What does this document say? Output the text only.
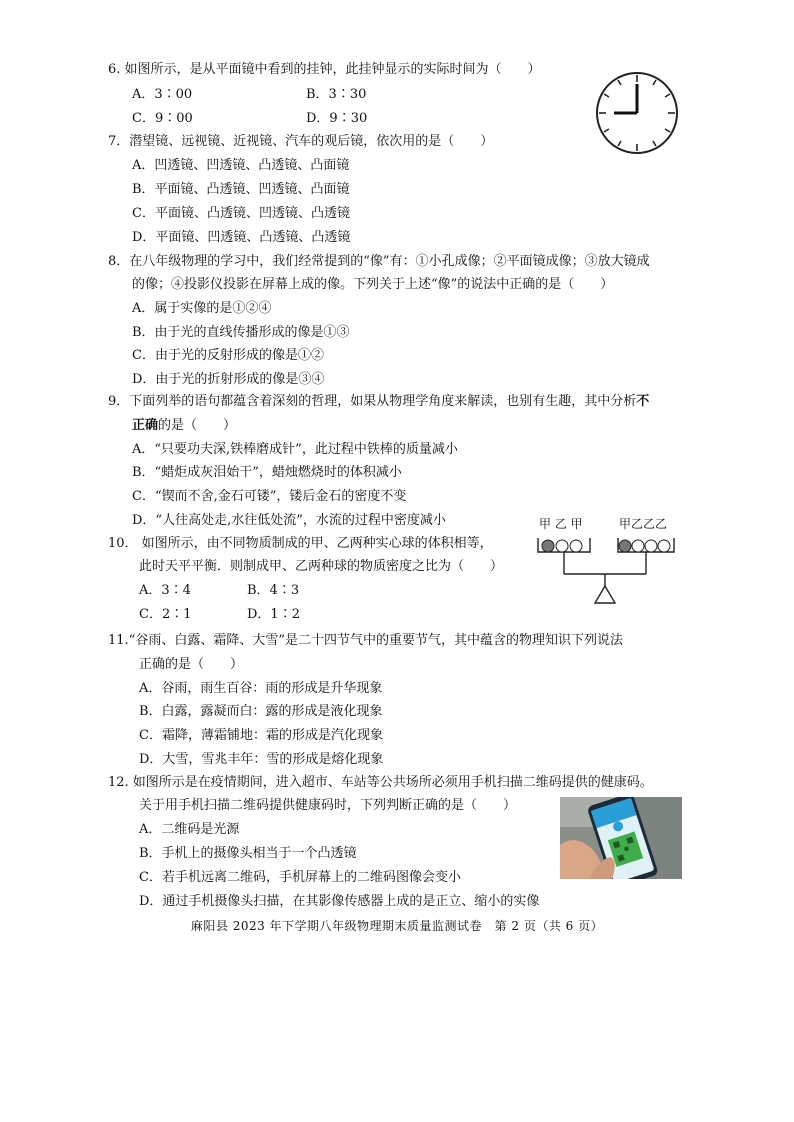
6. 如图所示，是从平面镜中看到的挂钟，此挂钟显示的实际时间为（　　）
A．3∶00	B．3∶30
C．9∶00	D．9∶30
7．潜望镜、远视镜、近视镜、汽车的观后镜，依次用的是（　　）
A．凹透镜、凹透镜、凸透镜、凸面镜
B．平面镜、凸透镜、凹透镜、凸面镜
C．平面镜、凸透镜、凹透镜、凸透镜
D．平面镜、凹透镜、凸透镜、凸透镜
8．在八年级物理的学习中，我们经常提到的“像”有：①小孔成像；②平面镜成像；③放大镜成
的像；④投影仪投影在屏幕上成的像。下列关于上述“像”的说法中正确的是（　　）
A．属于实像的是①②④
B．由于光的直线传播形成的像是①③
C．由于光的反射形成的像是①②
D．由于光的折射形成的像是③④
9．下面列举的语句都蕴含着深刻的哲理，如果从物理学角度来解读，也别有生趣，其中分析不
正确的是（　　）
A．“只要功夫深,铁棒磨成针”，此过程中铁棒的质量减小
B．“蜡炬成灰泪始干”，蜡烛燃烧时的体积减小
C．“锲而不舍,金石可镂”，镂后金石的密度不变
D．“人往高处走,水往低处流”，水流的过程中密度减小
10． 如图所示，由不同物质制成的甲、乙两种实心球的体积相等，
此时天平平衡．则制成甲、乙两种球的物质密度之比为（　　）
A．3∶4	B．4∶3
C．2∶1	D．1∶2
甲 乙 甲	甲乙乙乙
11.“谷雨、白露、霜降、大雪”是二十四节气中的重要节气，其中蕴含的物理知识下列说法
正确的是（　　）
A．谷雨，雨生百谷：雨的形成是升华现象
B．白露，露凝而白：露的形成是液化现象
C．霜降，薄霜铺地：霜的形成是汽化现象
D．大雪，雪兆丰年：雪的形成是熔化现象
12. 如图所示是在疫情期间，进入超市、车站等公共场所必须用手机扫描二维码提供的健康码。
关于用手机扫描二维码提供健康码时，下列判断正确的是（　　）
A．二维码是光源
B．手机上的摄像头相当于一个凸透镜
C．若手机远离二维码，手机屏幕上的二维码图像会变小
D．通过手机摄像头扫描，在其影像传感器上成的是正立、缩小的实像
麻阳县 2023 年下学期八年级物理期末质量监测试卷　第 2 页（共 6 页）
